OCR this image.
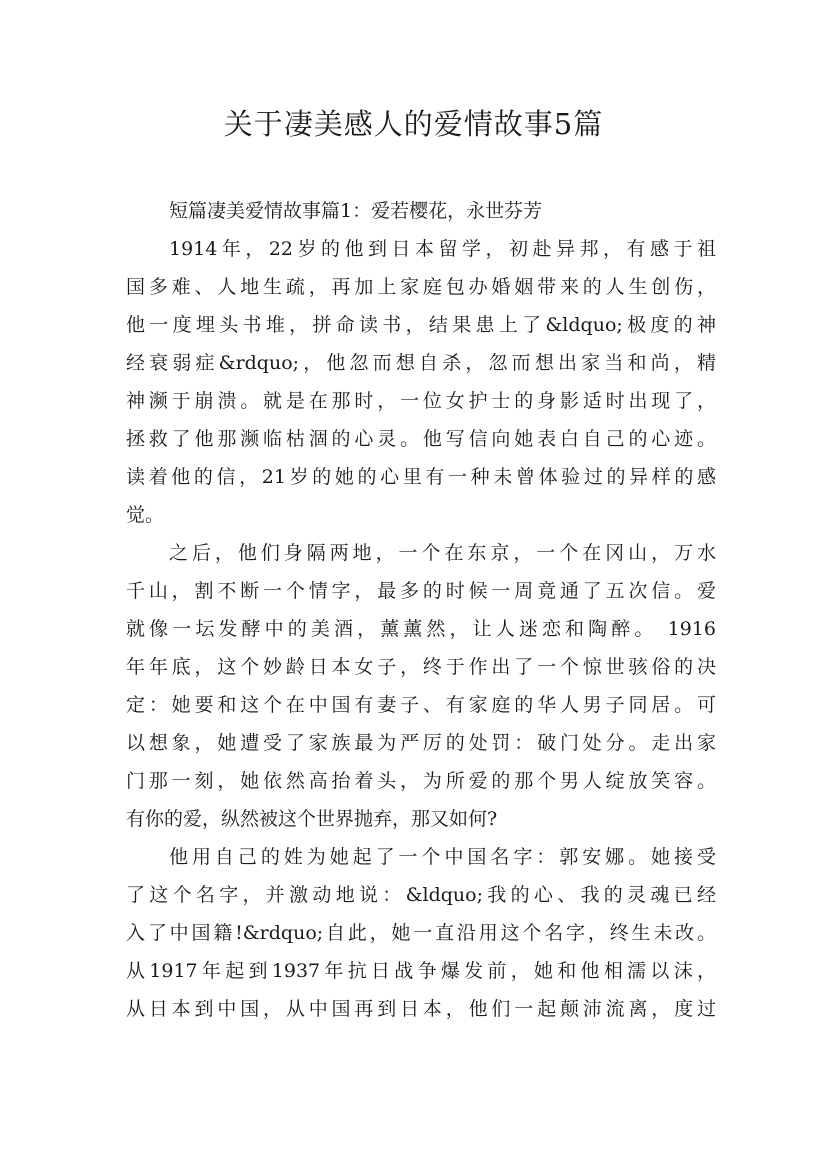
关于凄美感人的爱情故事5篇
短篇凄美爱情故事篇1：爱若樱花，永世芬芳
1914年，22岁的他到日本留学，初赴异邦，有感于祖
国多难、人地生疏，再加上家庭包办婚姻带来的人生创伤，
他一度埋头书堆，拼命读书，结果患上了&ldquo;极度的神
经衰弱症&rdquo;，他忽而想自杀，忽而想出家当和尚，精
神濒于崩溃。就是在那时，一位女护士的身影适时出现了，
拯救了他那濒临枯涸的心灵。他写信向她表白自己的心迹。
读着他的信，21岁的她的心里有一种未曾体验过的异样的感
觉。
之后，他们身隔两地，一个在东京，一个在冈山，万水
千山，割不断一个情字，最多的时候一周竟通了五次信。爱
就像一坛发酵中的美酒，薰薰然，让人迷恋和陶醉。 1916
年年底，这个妙龄日本女子，终于作出了一个惊世骇俗的决
定：她要和这个在中国有妻子、有家庭的华人男子同居。可
以想象，她遭受了家族最为严厉的处罚：破门处分。走出家
门那一刻，她依然高抬着头，为所爱的那个男人绽放笑容。
有你的爱，纵然被这个世界抛弃，那又如何?
他用自己的姓为她起了一个中国名字：郭安娜。她接受
了这个名字，并激动地说：&ldquo;我的心、我的灵魂已经
入了中国籍!&rdquo;自此，她一直沿用这个名字，终生未改。
从1917年起到1937年抗日战争爆发前，她和他相濡以沫，
从日本到中国，从中国再到日本，他们一起颠沛流离，度过
